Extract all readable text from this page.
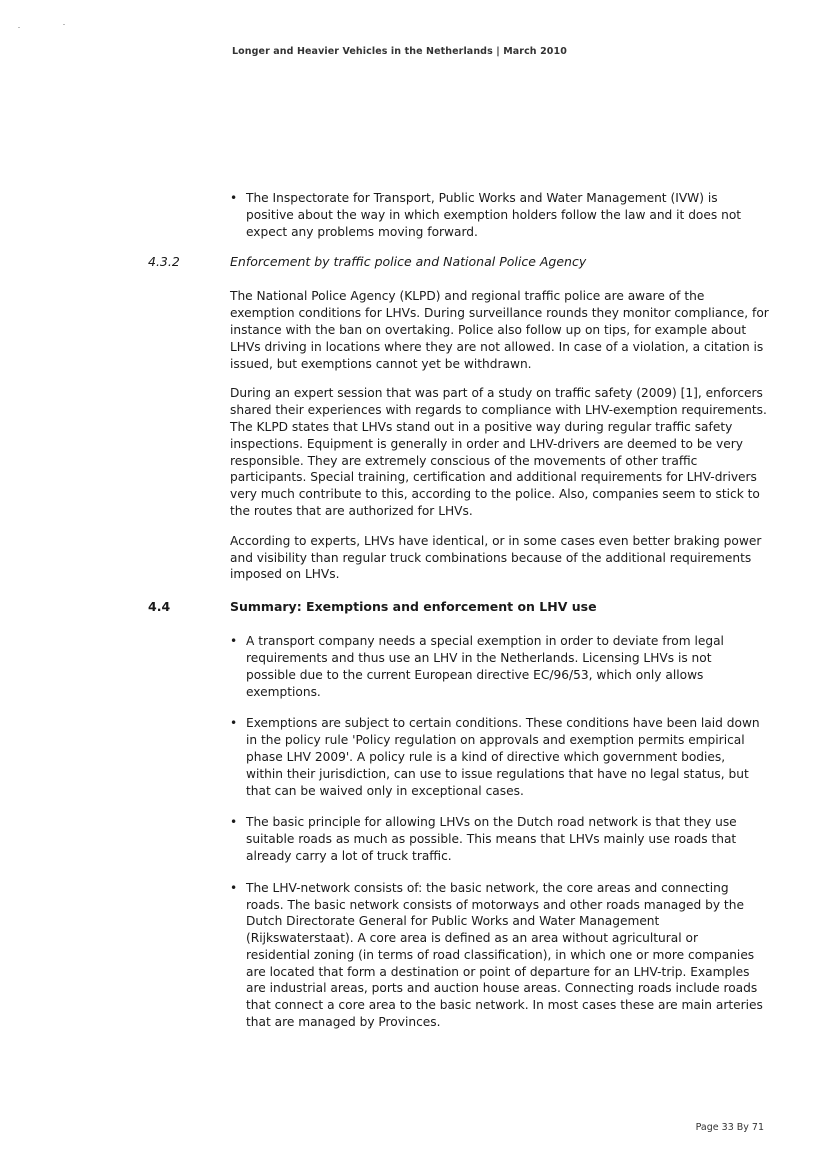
Longer and Heavier Vehicles in the Netherlands | March 2010
• The Inspectorate for Transport, Public Works and Water Management (IVW) is positive about the way in which exemption holders follow the law and it does not expect any problems moving forward.
4.3.2	Enforcement by traffic police and National Police Agency

The National Police Agency (KLPD) and regional traffic police are aware of the exemption conditions for LHVs. During surveillance rounds they monitor compliance, for instance with the ban on overtaking. Police also follow up on tips, for example about LHVs driving in locations where they are not allowed. In case of a violation, a citation is issued, but exemptions cannot yet be withdrawn.

During an expert session that was part of a study on traffic safety (2009) [1], enforcers shared their experiences with regards to compliance with LHV-exemption requirements. The KLPD states that LHVs stand out in a positive way during regular traffic safety inspections. Equipment is generally in order and LHV-drivers are deemed to be very responsible. They are extremely conscious of the movements of other traffic participants. Special training, certification and additional requirements for LHV-drivers very much contribute to this, according to the police. Also, companies seem to stick to the routes that are authorized for LHVs.

According to experts, LHVs have identical, or in some cases even better braking power and visibility than regular truck combinations because of the additional requirements imposed on LHVs.

4.4	Summary: Exemptions and enforcement on LHV use
• A transport company needs a special exemption in order to deviate from legal requirements and thus use an LHV in the Netherlands. Licensing LHVs is not possible due to the current European directive EC/96/53, which only allows exemptions.
• Exemptions are subject to certain conditions. These conditions have been laid down in the policy rule 'Policy regulation on approvals and exemption permits empirical phase LHV 2009'. A policy rule is a kind of directive which government bodies, within their jurisdiction, can use to issue regulations that have no legal status, but that can be waived only in exceptional cases.
• The basic principle for allowing LHVs on the Dutch road network is that they use suitable roads as much as possible. This means that LHVs mainly use roads that already carry a lot of truck traffic.
• The LHV-network consists of: the basic network, the core areas and connecting roads. The basic network consists of motorways and other roads managed by the Dutch Directorate General for Public Works and Water Management (Rijkswaterstaat). A core area is defined as an area without agricultural or residential zoning (in terms of road classification), in which one or more companies are located that form a destination or point of departure for an LHV-trip. Examples are industrial areas, ports and auction house areas. Connecting roads include roads that connect a core area to the basic network. In most cases these are main arteries that are managed by Provinces.
Page 33 By 71
